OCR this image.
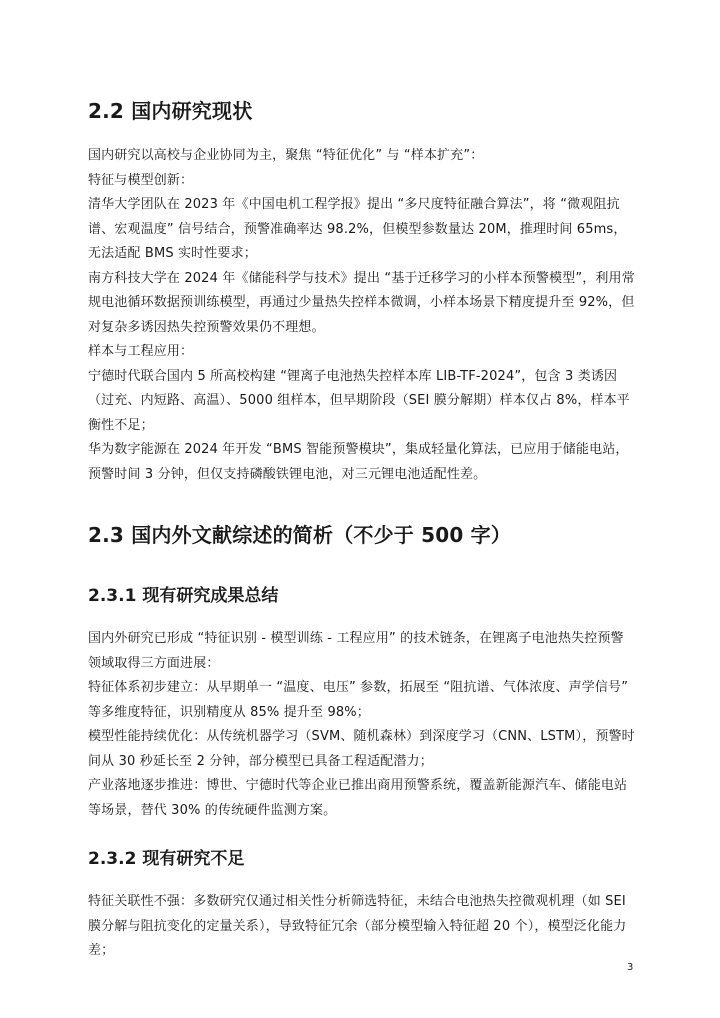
2.2 国内研究现状

国内研究以高校与企业协同为主，聚焦 “特征优化” 与 “样本扩充”：

特征与模型创新：

清华大学团队在 2023 年《中国电机工程学报》提出 “多尺度特征融合算法”，将 “微观阻抗谱、宏观温度” 信号结合，预警准确率达 98.2%，但模型参数量达 20M，推理时间 65ms，无法适配 BMS 实时性要求；

南方科技大学在 2024 年《储能科学与技术》提出 “基于迁移学习的小样本预警模型”，利用常规电池循环数据预训练模型，再通过少量热失控样本微调，小样本场景下精度提升至 92%，但对复杂多诱因热失控预警效果仍不理想。

样本与工程应用：

宁德时代联合国内 5 所高校构建 “锂离子电池热失控样本库 LIB-TF-2024”，包含 3 类诱因（过充、内短路、高温）、5000 组样本，但早期阶段（SEI 膜分解期）样本仅占 8%，样本平衡性不足；

华为数字能源在 2024 年开发 “BMS 智能预警模块”，集成轻量化算法，已应用于储能电站，预警时间 3 分钟，但仅支持磷酸铁锂电池，对三元锂电池适配性差。

2.3 国内外文献综述的简析（不少于 500 字）
2.3.1 现有研究成果总结

国内外研究已形成 “特征识别 - 模型训练 - 工程应用” 的技术链条，在锂离子电池热失控预警领域取得三方面进展：

特征体系初步建立：从早期单一 “温度、电压” 参数，拓展至 “阻抗谱、气体浓度、声学信号” 等多维度特征，识别精度从 85% 提升至 98%；

模型性能持续优化：从传统机器学习（SVM、随机森林）到深度学习（CNN、LSTM），预警时间从 30 秒延长至 2 分钟，部分模型已具备工程适配潜力；

产业落地逐步推进：博世、宁德时代等企业已推出商用预警系统，覆盖新能源汽车、储能电站等场景，替代 30% 的传统硬件监测方案。

2.3.2 现有研究不足

特征关联性不强：多数研究仅通过相关性分析筛选特征，未结合电池热失控微观机理（如 SEI 膜分解与阻抗变化的定量关系），导致特征冗余（部分模型输入特征超 20 个），模型泛化能力差；

3
